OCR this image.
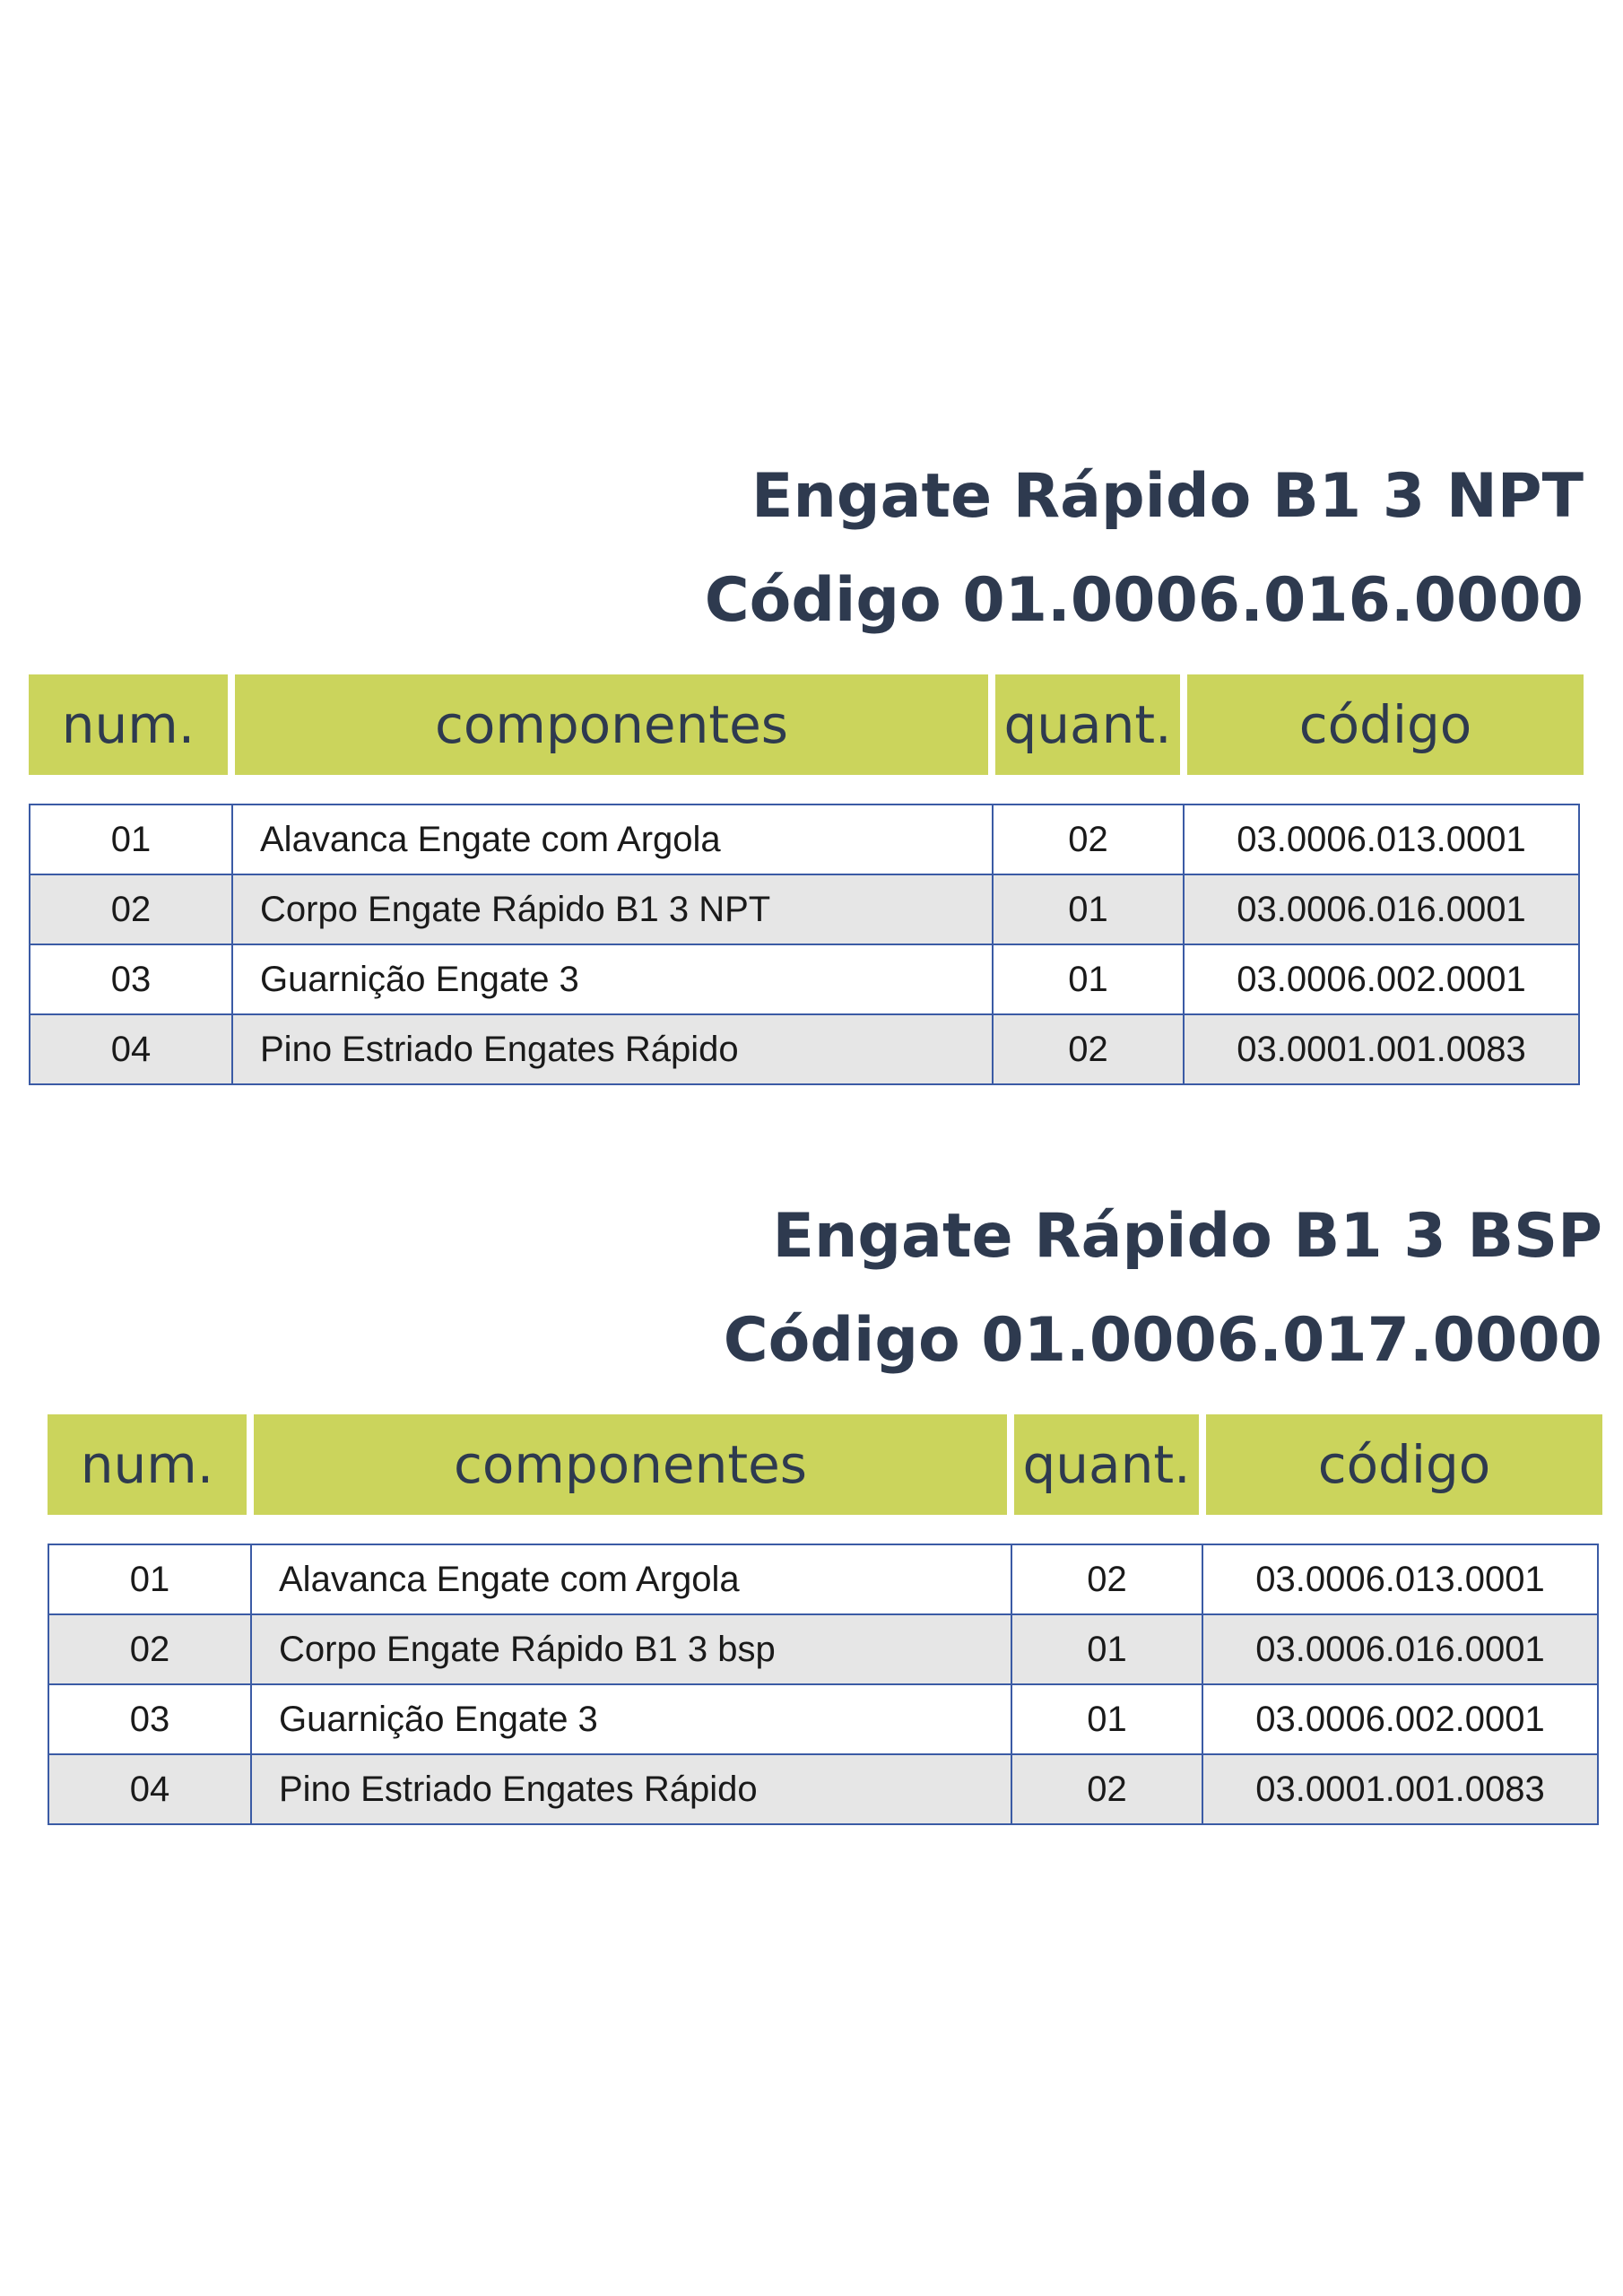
Engate Rápido B1 3 NPT
Código 01.0006.016.0000
num.	componentes	quant.	código
01	Alavanca Engate com Argola	02	03.0006.013.0001
02	Corpo Engate Rápido B1 3 NPT	01	03.0006.016.0001
03	Guarnição Engate 3	01	03.0006.002.0001
04	Pino Estriado Engates Rápido	02	03.0001.001.0083
Engate Rápido B1 3 BSP
Código 01.0006.017.0000
num.	componentes	quant.	código
01	Alavanca Engate com Argola	02	03.0006.013.0001
02	Corpo Engate Rápido B1 3 bsp	01	03.0006.016.0001
03	Guarnição Engate 3	01	03.0006.002.0001
04	Pino Estriado Engates Rápido	02	03.0001.001.0083
